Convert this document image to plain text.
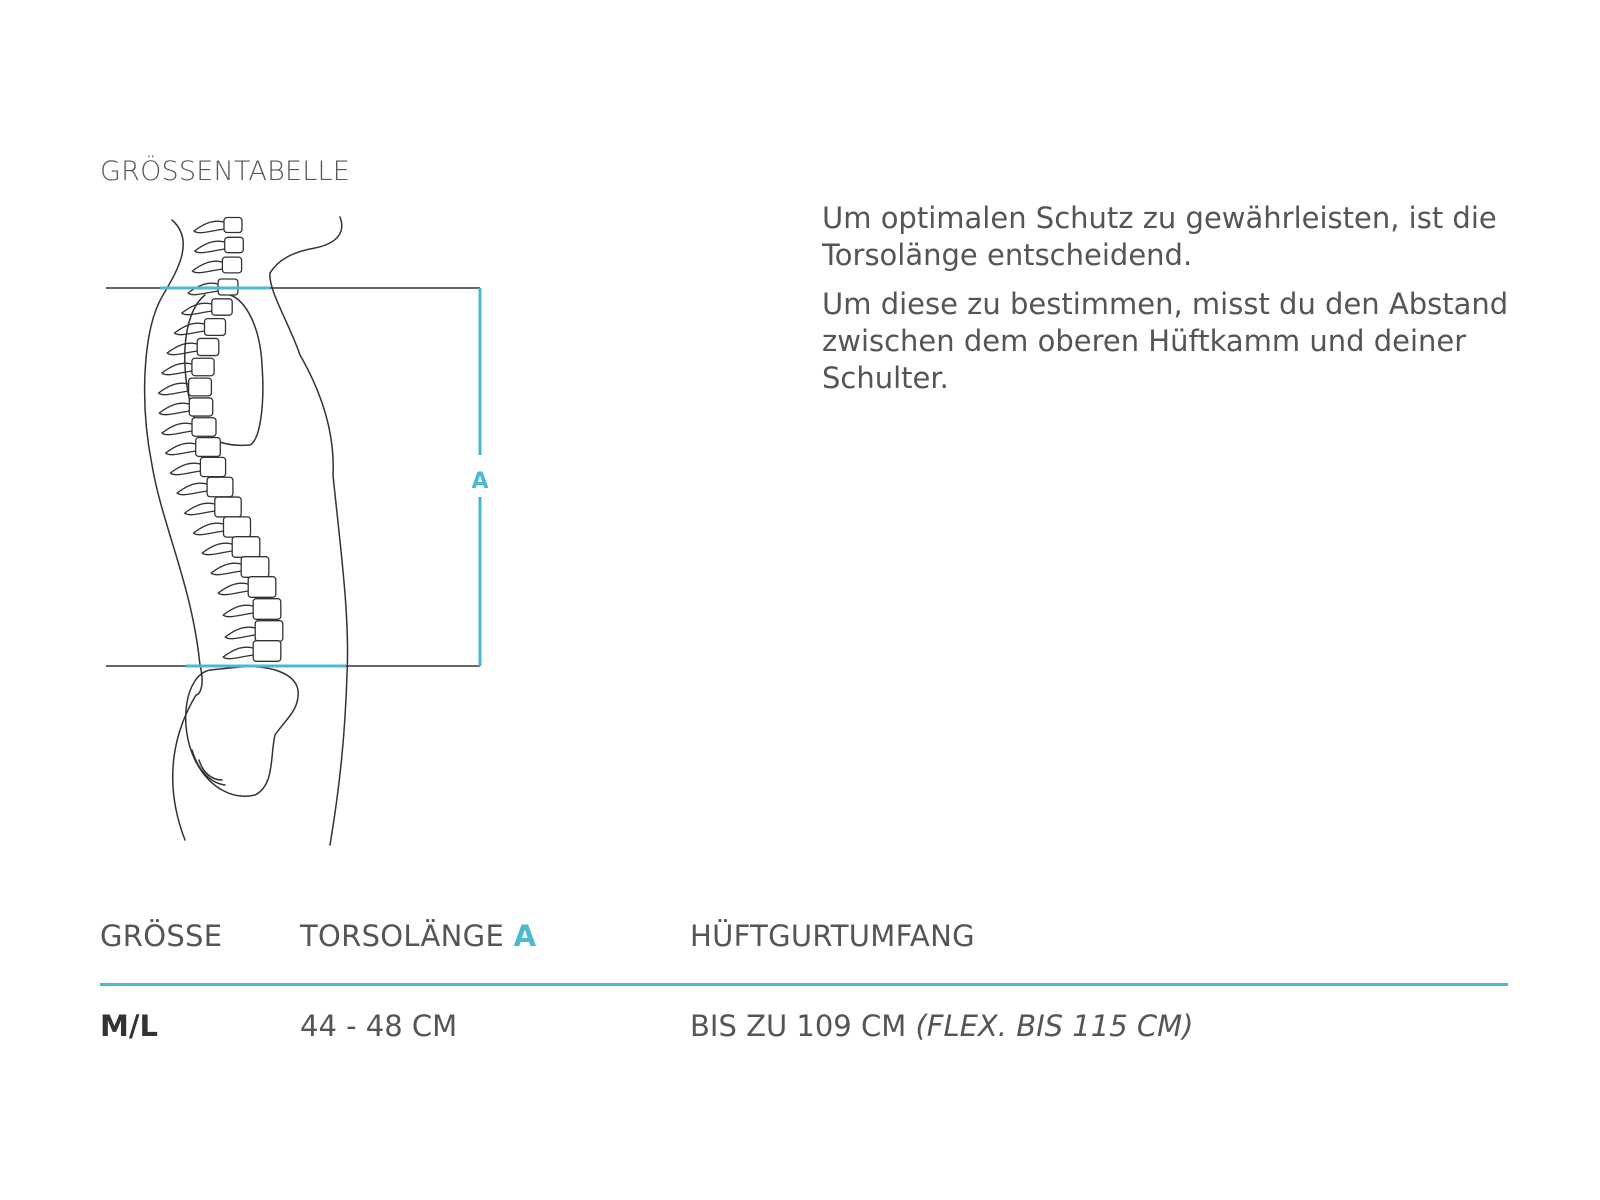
GRÖSSENTABELLE
A

Um optimalen Schutz zu gewährleisten, ist die Torsolänge entscheidend.

Um diese zu bestimmen, misst du den Abstand zwischen dem oberen Hüftkamm und deiner Schulter.

GRÖSSE	TORSOLÄNGE A	HÜFTGURTUMFANG
M/L	44 - 48 CM	BIS ZU 109 CM (FLEX. BIS 115 CM)
